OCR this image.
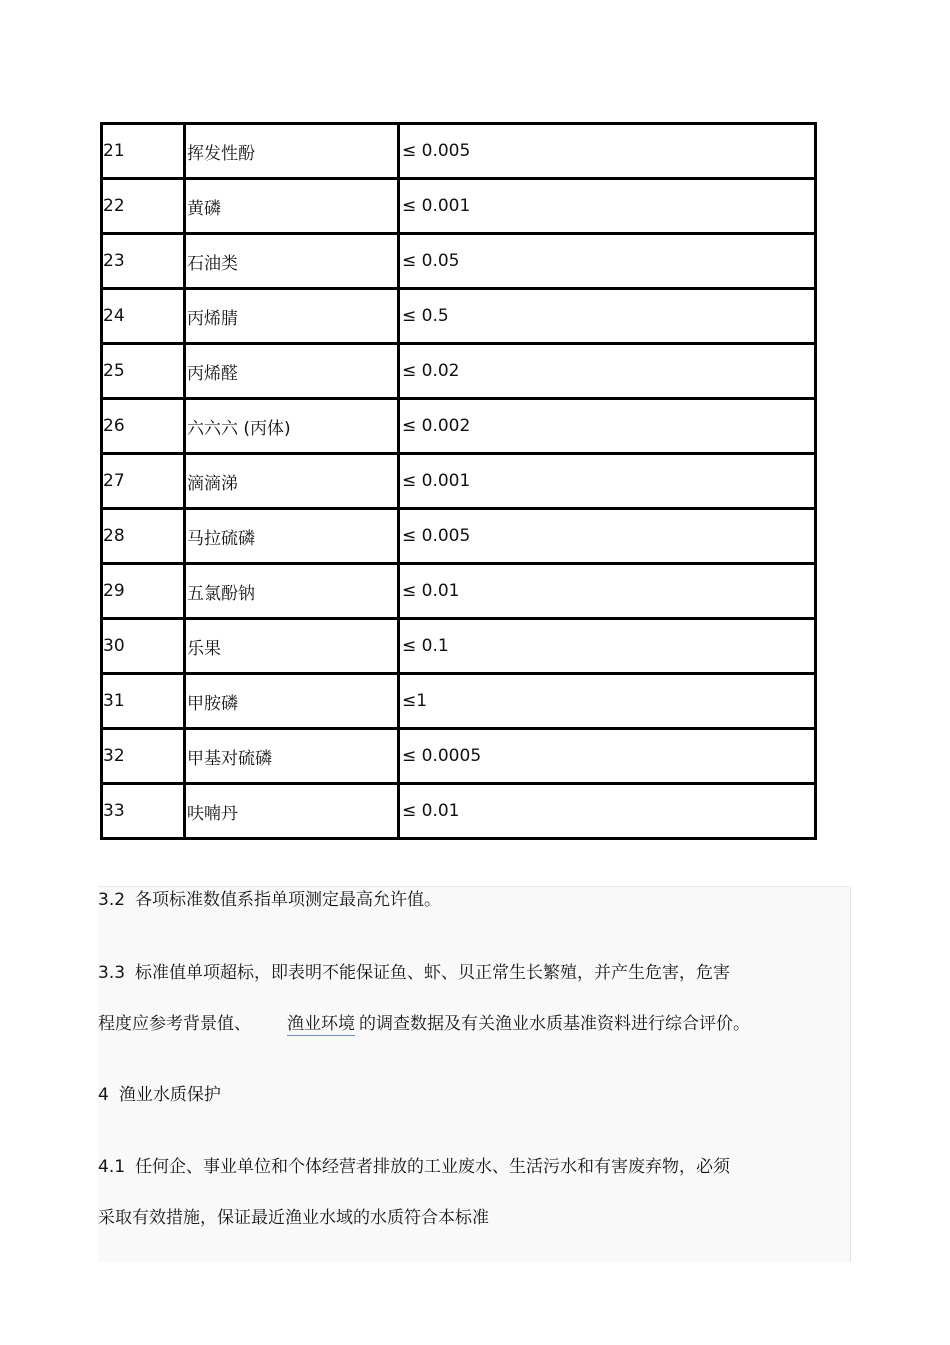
21	挥发性酚	≤ 0.005
22	黄磷	≤ 0.001
23	石油类	≤ 0.05
24	丙烯腈	≤ 0.5
25	丙烯醛	≤ 0.02
26	六六六 (丙体)	≤ 0.002
27	滴滴涕	≤ 0.001
28	马拉硫磷	≤ 0.005
29	五氯酚钠	≤ 0.01
30	乐果	≤ 0.1
31	甲胺磷	≤1
32	甲基对硫磷	≤ 0.0005
33	呋喃丹	≤ 0.01
3.2 各项标准数值系指单项测定最高允许值。
3.3 标准值单项超标，即表明不能保证鱼、虾、贝正常生长繁殖，并产生危害，危害
程度应参考背景值、 渔业环境 的调查数据及有关渔业水质基准资料进行综合评价。
4 渔业水质保护
4.1 任何企、事业单位和个体经营者排放的工业废水、生活污水和有害废弃物，必须
采取有效措施，保证最近渔业水域的水质符合本标准
